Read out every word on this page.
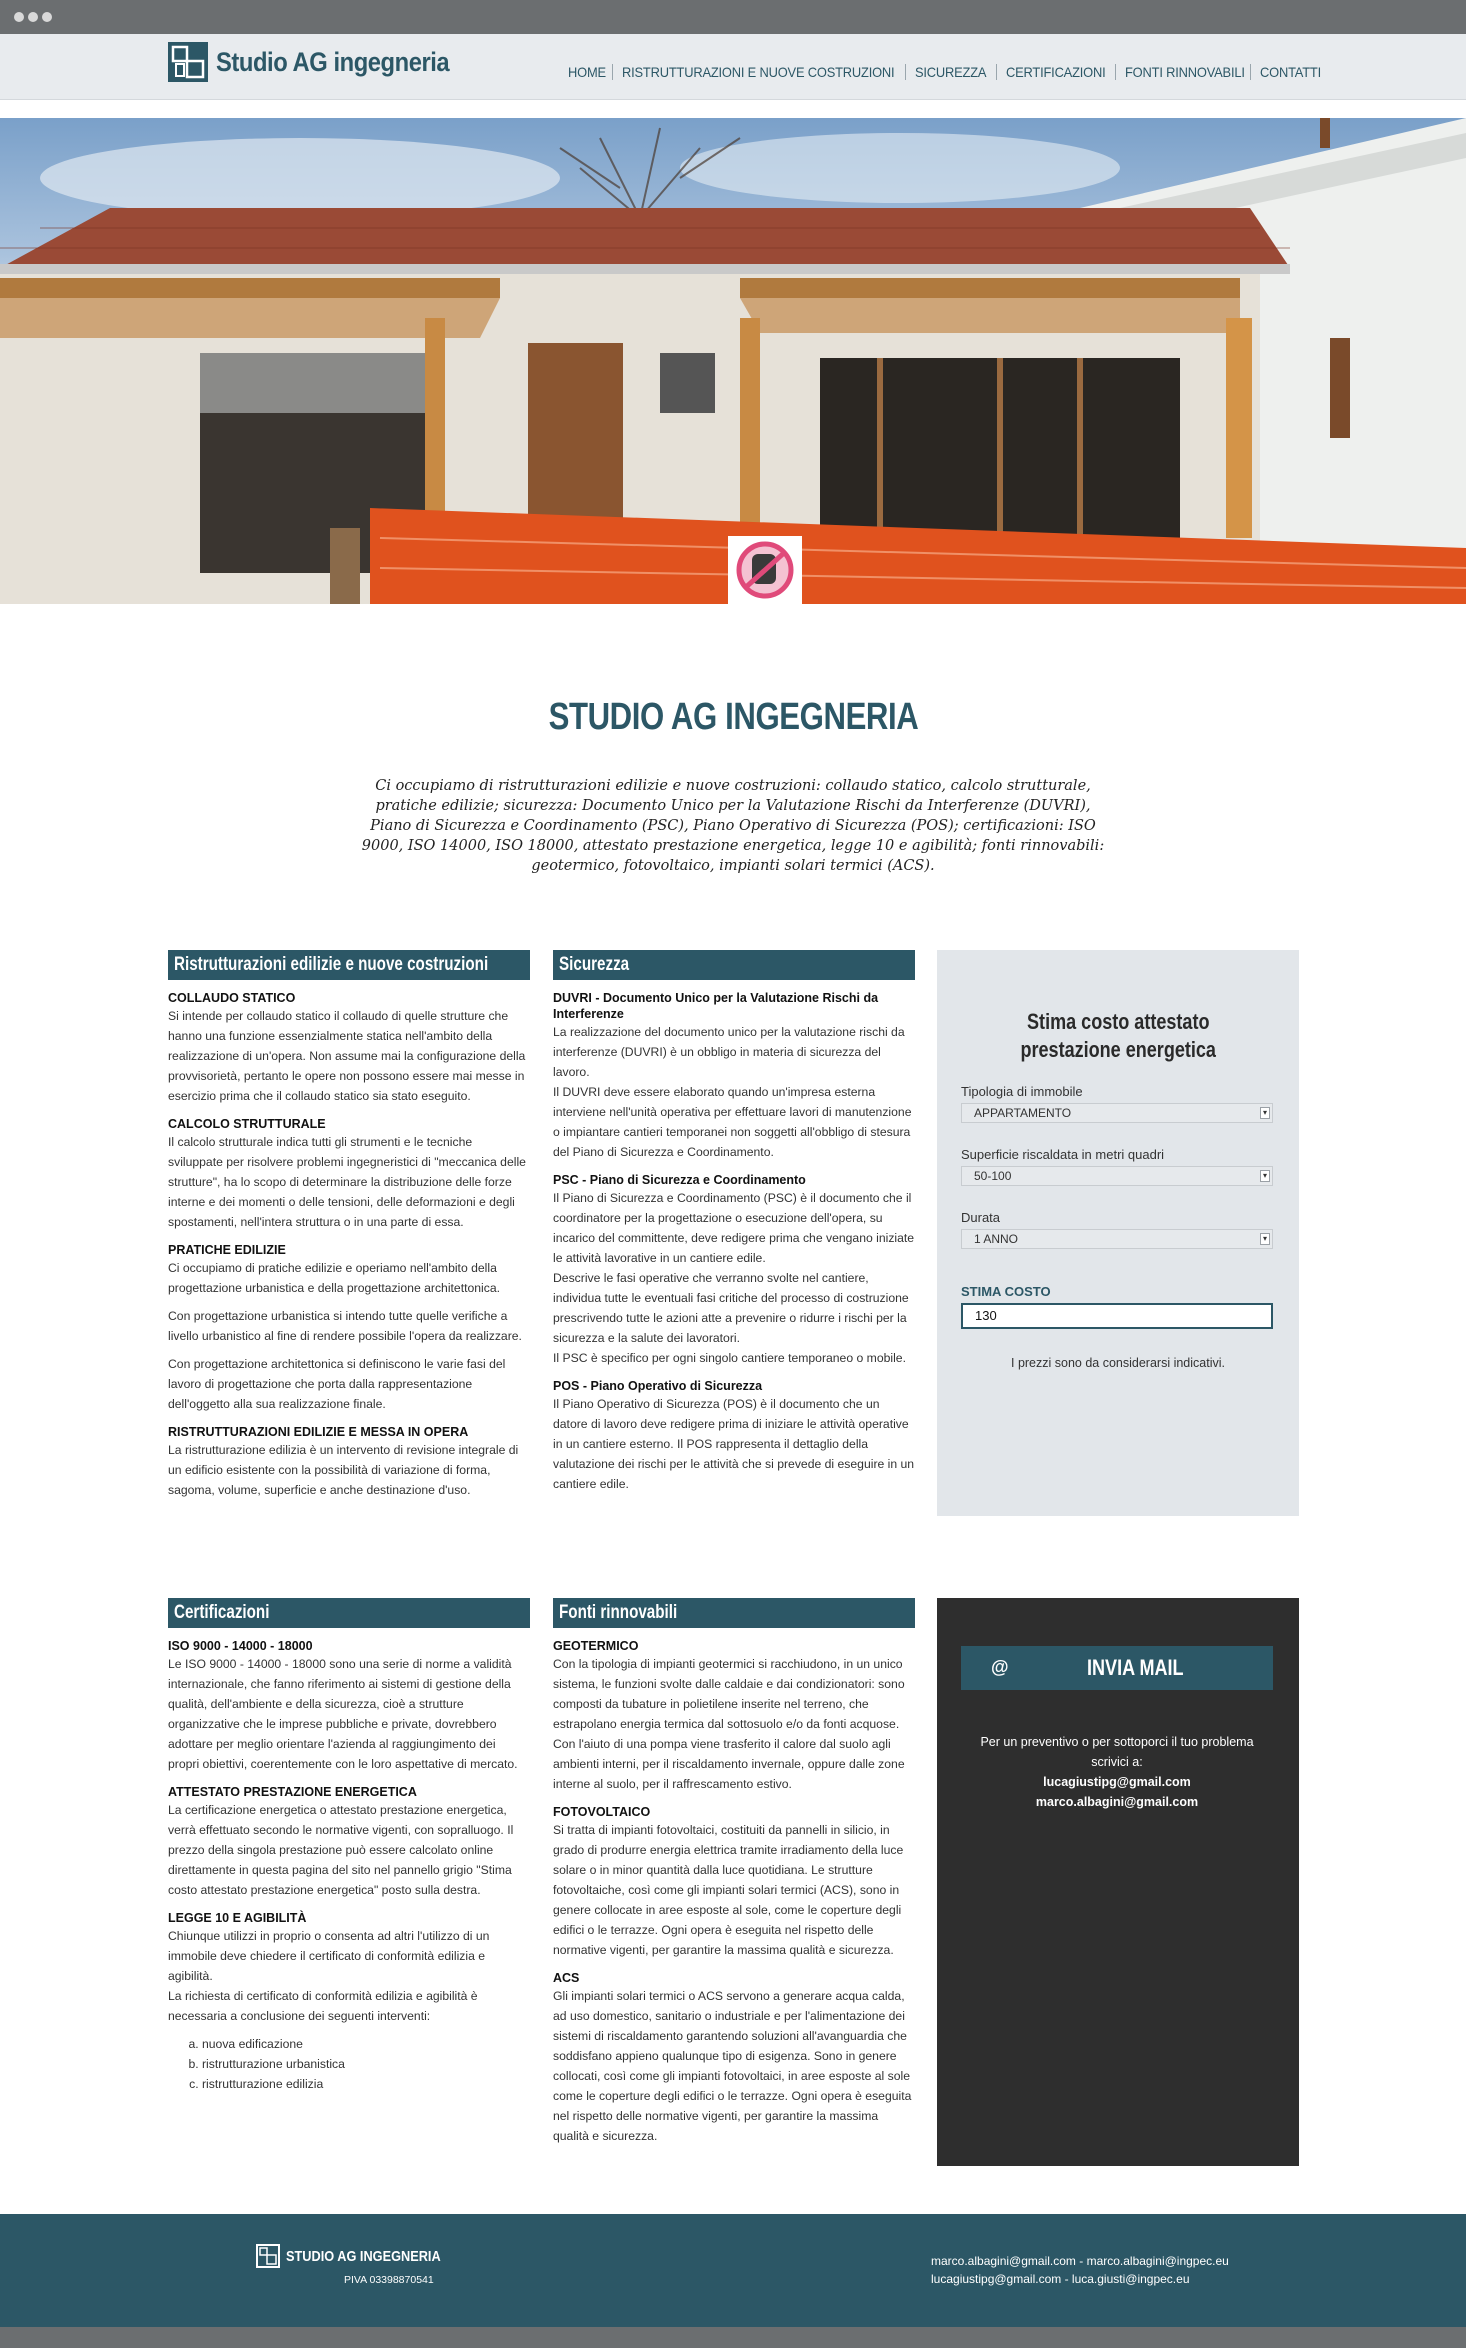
Studio AG ingegneria	HOME RISTRUTTURAZIONI E NUOVE COSTRUZIONI SICUREZZA CERTIFICAZIONI FONTI RINNOVABILI CONTATTI
STUDIO AG INGEGNERIA
Ci occupiamo di ristrutturazioni edilizie e nuove costruzioni: collaudo statico, calcolo strutturale, pratiche edilizie; sicurezza: Documento Unico per la Valutazione Rischi da Interferenze (DUVRI), Piano di Sicurezza e Coordinamento (PSC), Piano Operativo di Sicurezza (POS); certificazioni: ISO 9000, ISO 14000, ISO 18000, attestato prestazione energetica, legge 10 e agibilità; fonti rinnovabili: geotermico, fotovoltaico, impianti solari termici (ACS).
Ristrutturazioni edilizie e nuove costruzioni
COLLAUDO STATICO
Si intende per collaudo statico il collaudo di quelle strutture che hanno una funzione essenzialmente statica nell'ambito della realizzazione di un'opera. Non assume mai la configurazione della provvisorietà, pertanto le opere non possono essere mai messe in esercizio prima che il collaudo statico sia stato eseguito.
CALCOLO STRUTTURALE
Il calcolo strutturale indica tutti gli strumenti e le tecniche sviluppate per risolvere problemi ingegneristici di "meccanica delle strutture", ha lo scopo di determinare la distribuzione delle forze interne e dei momenti o delle tensioni, delle deformazioni e degli spostamenti, nell'intera struttura o in una parte di essa.
PRATICHE EDILIZIE
Ci occupiamo di pratiche edilizie e operiamo nell'ambito della progettazione urbanistica e della progettazione architettonica.
Con progettazione urbanistica si intendo tutte quelle verifiche a livello urbanistico al fine di rendere possibile l'opera da realizzare.
Con progettazione architettonica si definiscono le varie fasi del lavoro di progettazione che porta dalla rappresentazione dell'oggetto alla sua realizzazione finale.
RISTRUTTURAZIONI EDILIZIE E MESSA IN OPERA
La ristrutturazione edilizia è un intervento di revisione integrale di un edificio esistente con la possibilità di variazione di forma, sagoma, volume, superficie e anche destinazione d'uso.
Sicurezza
DUVRI - Documento Unico per la Valutazione Rischi da Interferenze
La realizzazione del documento unico per la valutazione rischi da interferenze (DUVRI) è un obbligo in materia di sicurezza del lavoro.
Il DUVRI deve essere elaborato quando un'impresa esterna interviene nell'unità operativa per effettuare lavori di manutenzione o impiantare cantieri temporanei non soggetti all'obbligo di stesura del Piano di Sicurezza e Coordinamento.
PSC - Piano di Sicurezza e Coordinamento
Il Piano di Sicurezza e Coordinamento (PSC) è il documento che il coordinatore per la progettazione o esecuzione dell'opera, su incarico del committente, deve redigere prima che vengano iniziate le attività lavorative in un cantiere edile.
Descrive le fasi operative che verranno svolte nel cantiere, individua tutte le eventuali fasi critiche del processo di costruzione prescrivendo tutte le azioni atte a prevenire o ridurre i rischi per la sicurezza e la salute dei lavoratori.
Il PSC è specifico per ogni singolo cantiere temporaneo o mobile.
POS - Piano Operativo di Sicurezza
Il Piano Operativo di Sicurezza (POS) è il documento che un datore di lavoro deve redigere prima di iniziare le attività operative in un cantiere esterno. Il POS rappresenta il dettaglio della valutazione dei rischi per le attività che si prevede di eseguire in un cantiere edile.
Stima costo attestato
prestazione energetica
Tipologia di immobile
APPARTAMENTO	▾
Superficie riscaldata in metri quadri
50-100	▾
Durata
1 ANNO	▾
STIMA COSTO
130
I prezzi sono da considerarsi indicativi.
Certificazioni
ISO 9000 - 14000 - 18000
Le ISO 9000 - 14000 - 18000 sono una serie di norme a validità internazionale, che fanno riferimento ai sistemi di gestione della qualità, dell'ambiente e della sicurezza, cioè a strutture organizzative che le imprese pubbliche e private, dovrebbero adottare per meglio orientare l'azienda al raggiungimento dei propri obiettivi, coerentemente con le loro aspettative di mercato.
ATTESTATO PRESTAZIONE ENERGETICA
La certificazione energetica o attestato prestazione energetica, verrà effettuato secondo le normative vigenti, con sopralluogo. Il prezzo della singola prestazione può essere calcolato online direttamente in questa pagina del sito nel pannello grigio "Stima costo attestato prestazione energetica" posto sulla destra.
LEGGE 10 E AGIBILITÀ
Chiunque utilizzi in proprio o consenta ad altri l'utilizzo di un immobile deve chiedere il certificato di conformità edilizia e agibilità.
La richiesta di certificato di conformità edilizia e agibilità è necessaria a conclusione dei seguenti interventi:
a. nuova edificazione
b. ristrutturazione urbanistica
c. ristrutturazione edilizia
Fonti rinnovabili
GEOTERMICO
Con la tipologia di impianti geotermici si racchiudono, in un unico sistema, le funzioni svolte dalle caldaie e dai condizionatori: sono composti da tubature in polietilene inserite nel terreno, che estrapolano energia termica dal sottosuolo e/o da fonti acquose. Con l'aiuto di una pompa viene trasferito il calore dal suolo agli ambienti interni, per il riscaldamento invernale, oppure dalle zone interne al suolo, per il raffrescamento estivo.
FOTOVOLTAICO
Si tratta di impianti fotovoltaici, costituiti da pannelli in silicio, in grado di produrre energia elettrica tramite irradiamento della luce solare o in minor quantità dalla luce quotidiana. Le strutture fotovoltaiche, così come gli impianti solari termici (ACS), sono in genere collocate in aree esposte al sole, come le coperture degli edifici o le terrazze. Ogni opera è eseguita nel rispetto delle normative vigenti, per garantire la massima qualità e sicurezza.
ACS
Gli impianti solari termici o ACS servono a generare acqua calda, ad uso domestico, sanitario o industriale e per l'alimentazione dei sistemi di riscaldamento garantendo soluzioni all'avanguardia che soddisfano appieno qualunque tipo di esigenza. Sono in genere collocati, così come gli impianti fotovoltaici, in aree esposte al sole come le coperture degli edifici o le terrazze. Ogni opera è eseguita nel rispetto delle normative vigenti, per garantire la massima qualità e sicurezza.
@	INVIA MAIL
Per un preventivo o per sottoporci il tuo problema scrivici a:
lucagiustipg@gmail.com
marco.albagini@gmail.com
STUDIO AG INGEGNERIA
PIVA 03398870541
marco.albagini@gmail.com - marco.albagini@ingpec.eu
lucagiustipg@gmail.com - luca.giusti@ingpec.eu
